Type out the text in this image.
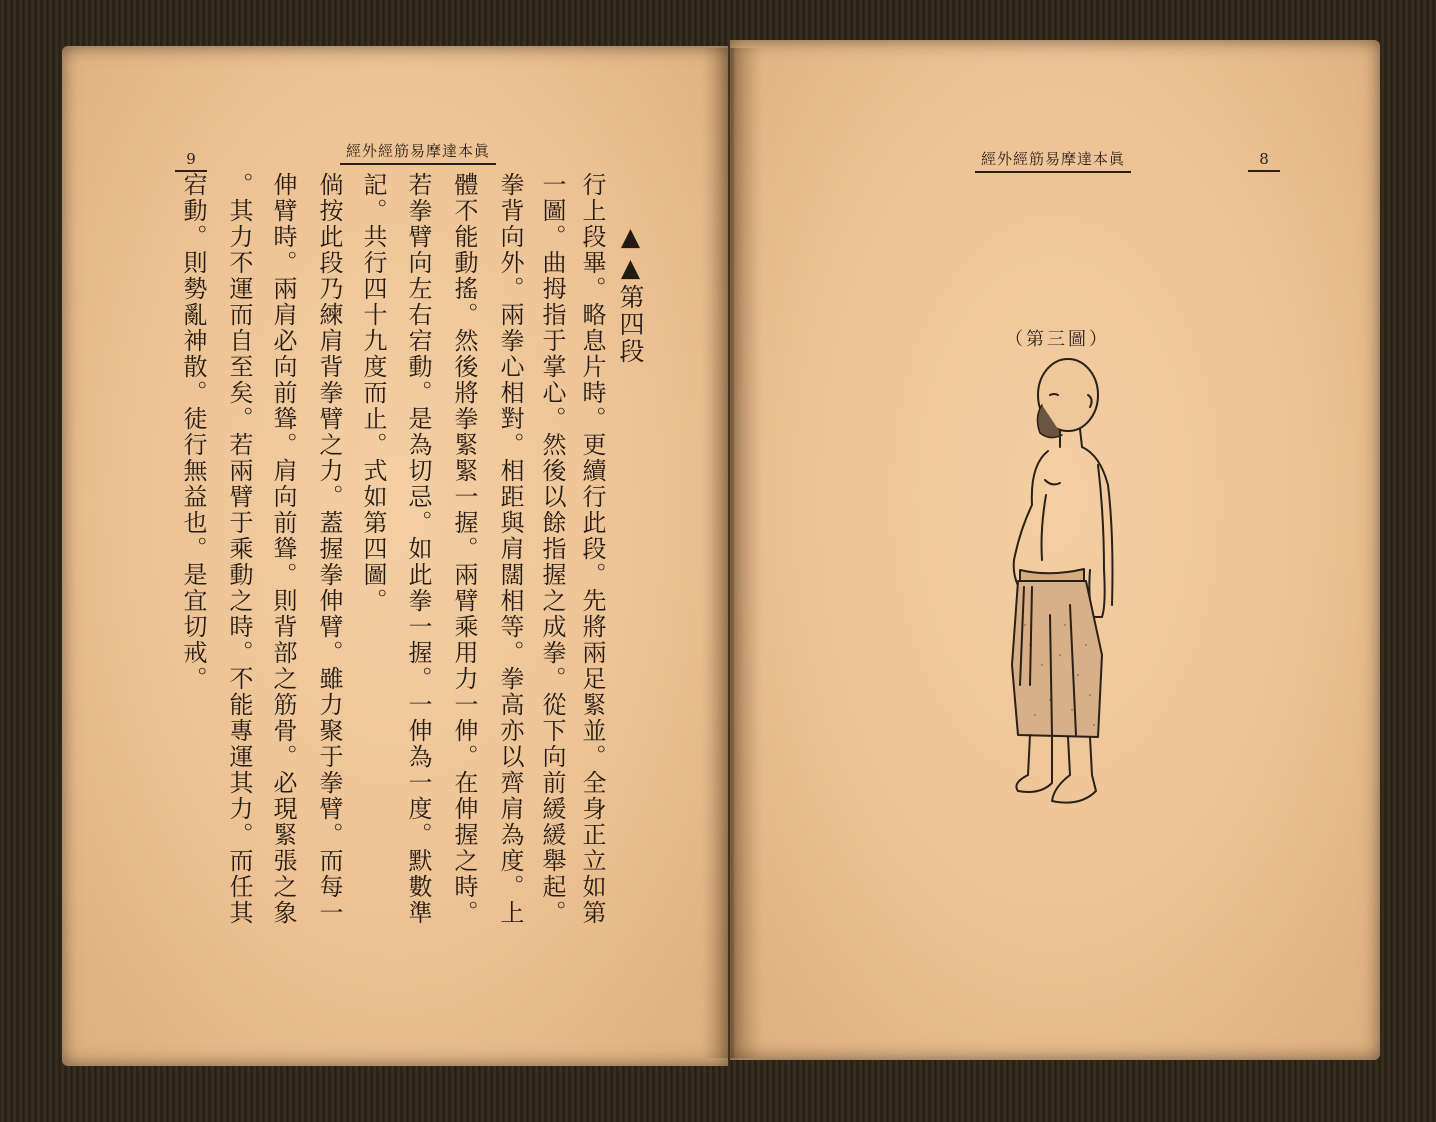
9	經外經筋易摩達本眞
▲▲第四段
行上段畢。略息片時。更續行此段。先將兩足緊並。全身正立如第
一圖。曲拇指于掌心。然後以餘指握之成拳。從下向前緩緩舉起。
拳背向外。兩拳心相對。相距與肩闊相等。拳高亦以齊肩為度。上
體不能動搖。然後將拳緊緊一握。兩臂乘用力一伸。在伸握之時。
若拳臂向左右宕動。是為切忌。如此拳一握。一伸為一度。默數準
記。共行四十九度而止。式如第四圖。
倘按此段乃練肩背拳臂之力。蓋握拳伸臂。雖力聚于拳臂。而每一
伸臂時。兩肩必向前聳。肩向前聳。則背部之筋骨。必現緊張之象
。其力不運而自至矣。若兩臂于乘動之時。不能專運其力。而任其
宕動。則勢亂神散。徒行無益也。是宜切戒。
經外經筋易摩達本眞	8
（第三圖）
